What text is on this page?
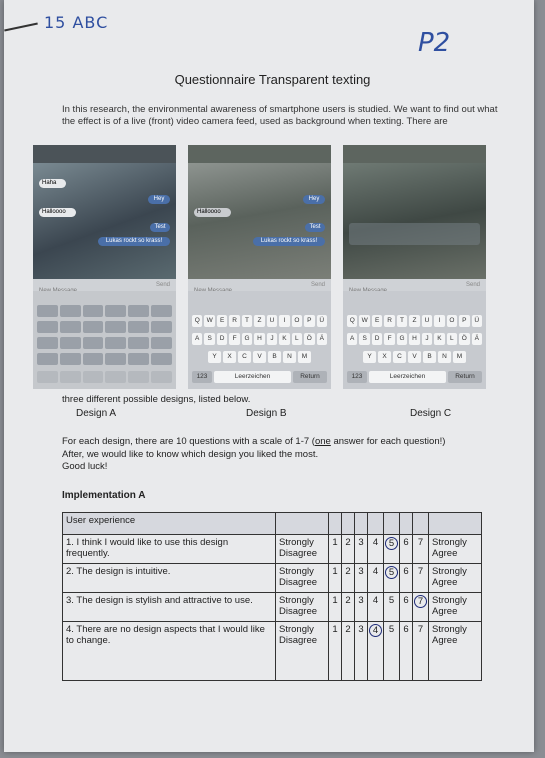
15 ABC
P2
Questionnaire Transparent texting
In this research, the environmental awareness of smartphone users is studied. We want to find out what the effect is of a live (front) video camera feed, used as background when texting. There are
Haha
Hey
Halloooo
Test
Lukas rockt so krass!
Send
Hey
Halloooo
Test
Lukas rockt so krass!
Send
Q	W	E	R	T	Z	U	I	O	P	Ü
A	S	D	F	G	H	J	K	L	Ö	Ä
Y	X	C	V	B	N	M
123	Leerzeichen	Return
Send
Q	W	E	R	T	Z	U	I	O	P	Ü
A	S	D	F	G	H	J	K	L	Ö	Ä
Y	X	C	V	B	N	M
123	Leerzeichen	Return
three different possible designs, listed below.
Design A	Design B	Design C
For each design, there are 10 questions with a scale of 1-7 (one answer for each question!)
After, we would like to know which design you liked the most.
Good luck!
Implementation A
User experience									
1. I think I would like to use this design frequently.	Strongly Disagree	1	2	3	4	5	6	7	Strongly Agree
2. The design is intuitive.	Strongly Disagree	1	2	3	4	5	6	7	Strongly Agree
3. The design is stylish and attractive to use.	Strongly Disagree	1	2	3	4	5	6	7	Strongly Agree
4. There are no design aspects that I would like to change.	Strongly Disagree	1	2	3	4	5	6	7	Strongly Agree
